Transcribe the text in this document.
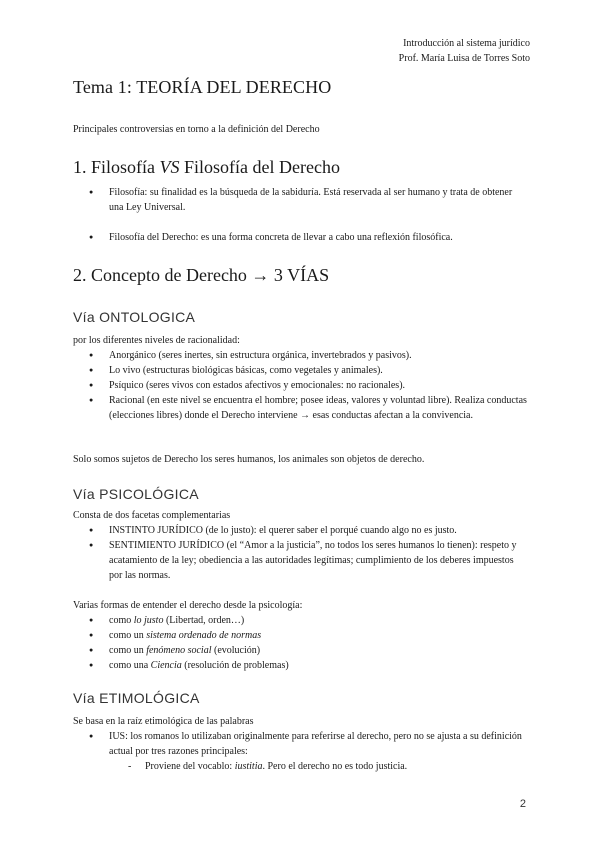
Introducción al sistema jurídico
Prof. María Luisa de Torres Soto
Tema 1: TEORÍA DEL DERECHO
Principales controversias en torno a la definición del Derecho
1. Filosofía VS Filosofía del Derecho
● Filosofía: su finalidad es la búsqueda de la sabiduría. Está reservada al ser humano y trata de obtener una Ley Universal.
● Filosofía del Derecho: es una forma concreta de llevar a cabo una reflexión filosófica.
2. Concepto de Derecho → 3 VÍAS
Vía ONTOLOGICA
por los diferentes niveles de racionalidad:
● Anorgánico (seres inertes, sin estructura orgánica, invertebrados y pasivos).
● Lo vivo (estructuras biológicas básicas, como vegetales y animales).
● Psíquico (seres vivos con estados afectivos y emocionales: no racionales).
● Racional (en este nivel se encuentra el hombre; posee ideas, valores y voluntad libre). Realiza conductas (elecciones libres) donde el Derecho interviene → esas conductas afectan a la convivencia.
Solo somos sujetos de Derecho los seres humanos, los animales son objetos de derecho.
Vía PSICOLÓGICA
Consta de dos facetas complementarias
● INSTINTO JURÍDICO (de lo justo): el querer saber el porqué cuando algo no es justo.
● SENTIMIENTO JURÍDICO (el “Amor a la justicia”, no todos los seres humanos lo tienen): respeto y acatamiento de la ley; obediencia a las autoridades legítimas; cumplimiento de los deberes impuestos por las normas.
Varias formas de entender el derecho desde la psicología:
● como lo justo (Libertad, orden…)
● como un sistema ordenado de normas
● como un fenómeno social (evolución)
● como una Ciencia (resolución de problemas)
Vía ETIMOLÓGICA
Se basa en la raíz etimológica de las palabras
● IUS: los romanos lo utilizaban originalmente para referirse al derecho, pero no se ajusta a su definición actual por tres razones principales:
- Proviene del vocablo: iustitia. Pero el derecho no es todo justicia.
2
